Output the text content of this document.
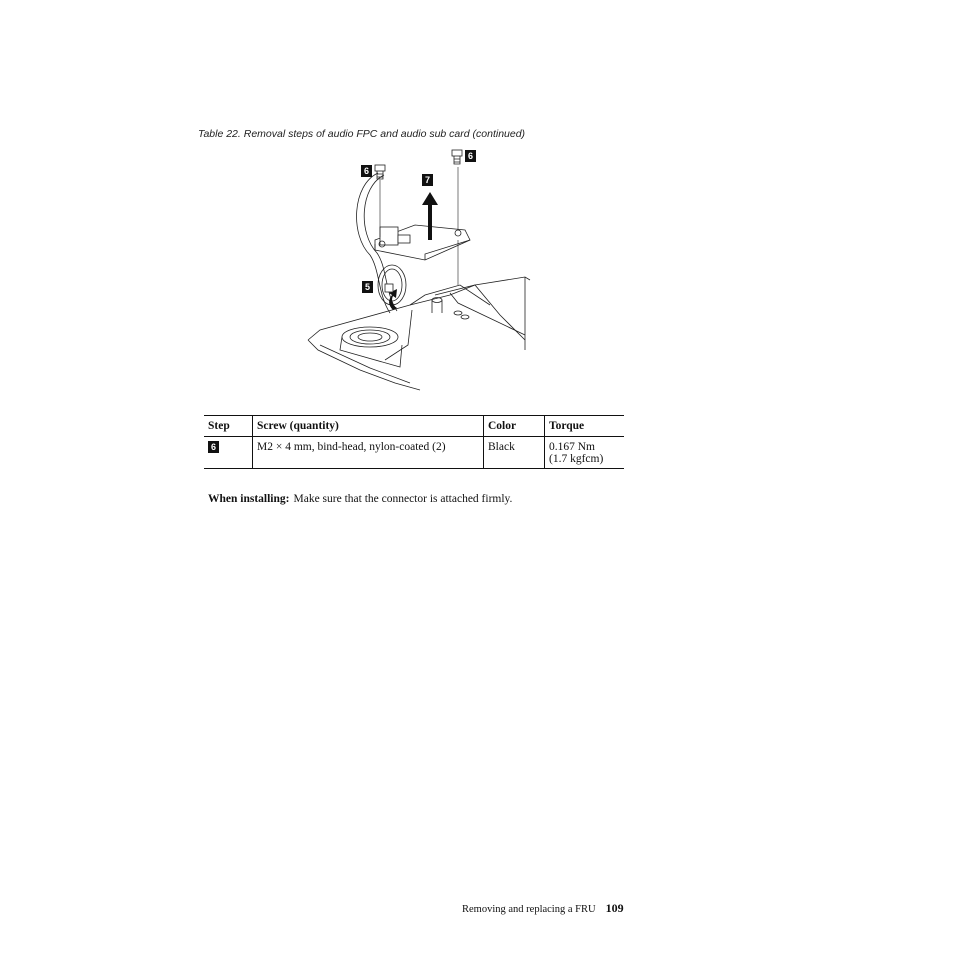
Table 22. Removal steps of audio FPC and audio sub card (continued)
6
6
7
5
Step	Screw (quantity)	Color	Torque
6	M2 × 4 mm, bind-head, nylon-coated (2)	Black	0.167 Nm
(1.7 kgfcm)
When installing: Make sure that the connector is attached firmly.
Removing and replacing a FRU 109
